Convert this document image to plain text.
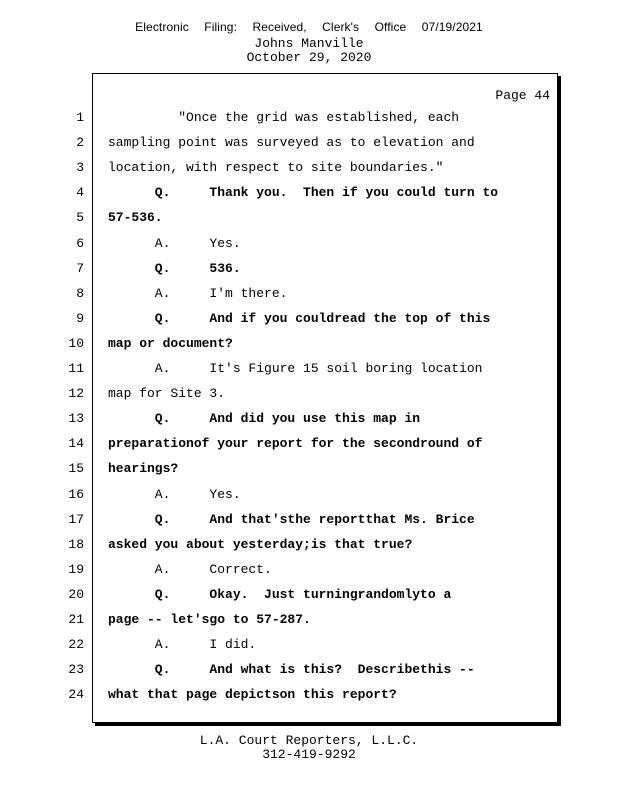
Electronic Filing: Received, Clerk's Office 07/19/2021
Johns Manville
October 29, 2020
Page 44
1 "Once the grid was established, each
2 sampling point was surveyed as to elevation and
3 location, with respect to site boundaries."
4 Q.     Thank you.  Then if you could turn to
5 57-536.
6 A.     Yes.
7 Q.     536.
8 A.     I'm there.
9 Q.     And if you couldread the top of this
10 map or document?
11 A.     It's Figure 15 soil boring location
12 map for Site 3.
13 Q.     And did you use this map in
14 preparationof your report for the secondround of
15 hearings?
16 A.     Yes.
17 Q.     And that'sthe reportthat Ms. Brice
18 asked you about yesterday;is that true?
19 A.     Correct.
20 Q.     Okay.  Just turningrandomlyto a
21 page -- let'sgo to 57-287.
22 A.     I did.
23 Q.     And what is this?  Describethis --
24 what that page depictson this report?
L.A. Court Reporters, L.L.C.
312-419-9292
